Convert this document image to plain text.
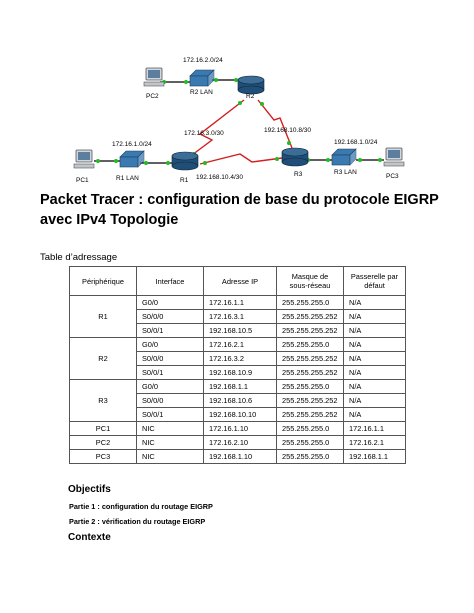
172.16.2.0/24
172.16.3.0/30	192.168.10.8/30
172.16.1.0/24
192.168.10.4/30
192.168.1.0/24
PC2
R2 LAN
R2
PC1	R1 LAN	R1
R3	R3 LAN
PC3
Packet Tracer : configuration de base du protocole EIGRP avec IPv4 Topologie

Table d’adressage

Périphérique	Interface	Adresse IP	Masque de sous-réseau	Passerelle par défaut
R1	G0/0	172.16.1.1	255.255.255.0	N/A
	S0/0/0	172.16.3.1	255.255.255.252	N/A
	S0/0/1	192.168.10.5	255.255.255.252	N/A
R2	G0/0	172.16.2.1	255.255.255.0	N/A
	S0/0/0	172.16.3.2	255.255.255.252	N/A
	S0/0/1	192.168.10.9	255.255.255.252	N/A
R3	G0/0	192.168.1.1	255.255.255.0	N/A
	S0/0/0	192.168.10.6	255.255.255.252	N/A
	S0/0/1	192.168.10.10	255.255.255.252	N/A
PC1	NIC	172.16.1.10	255.255.255.0	172.16.1.1
PC2	NIC	172.16.2.10	255.255.255.0	172.16.2.1
PC3	NIC	192.168.1.10	255.255.255.0	192.168.1.1
Objectifs

Partie 1 : configuration du routage EIGRP

Partie 2 : vérification du routage EIGRP

Contexte
